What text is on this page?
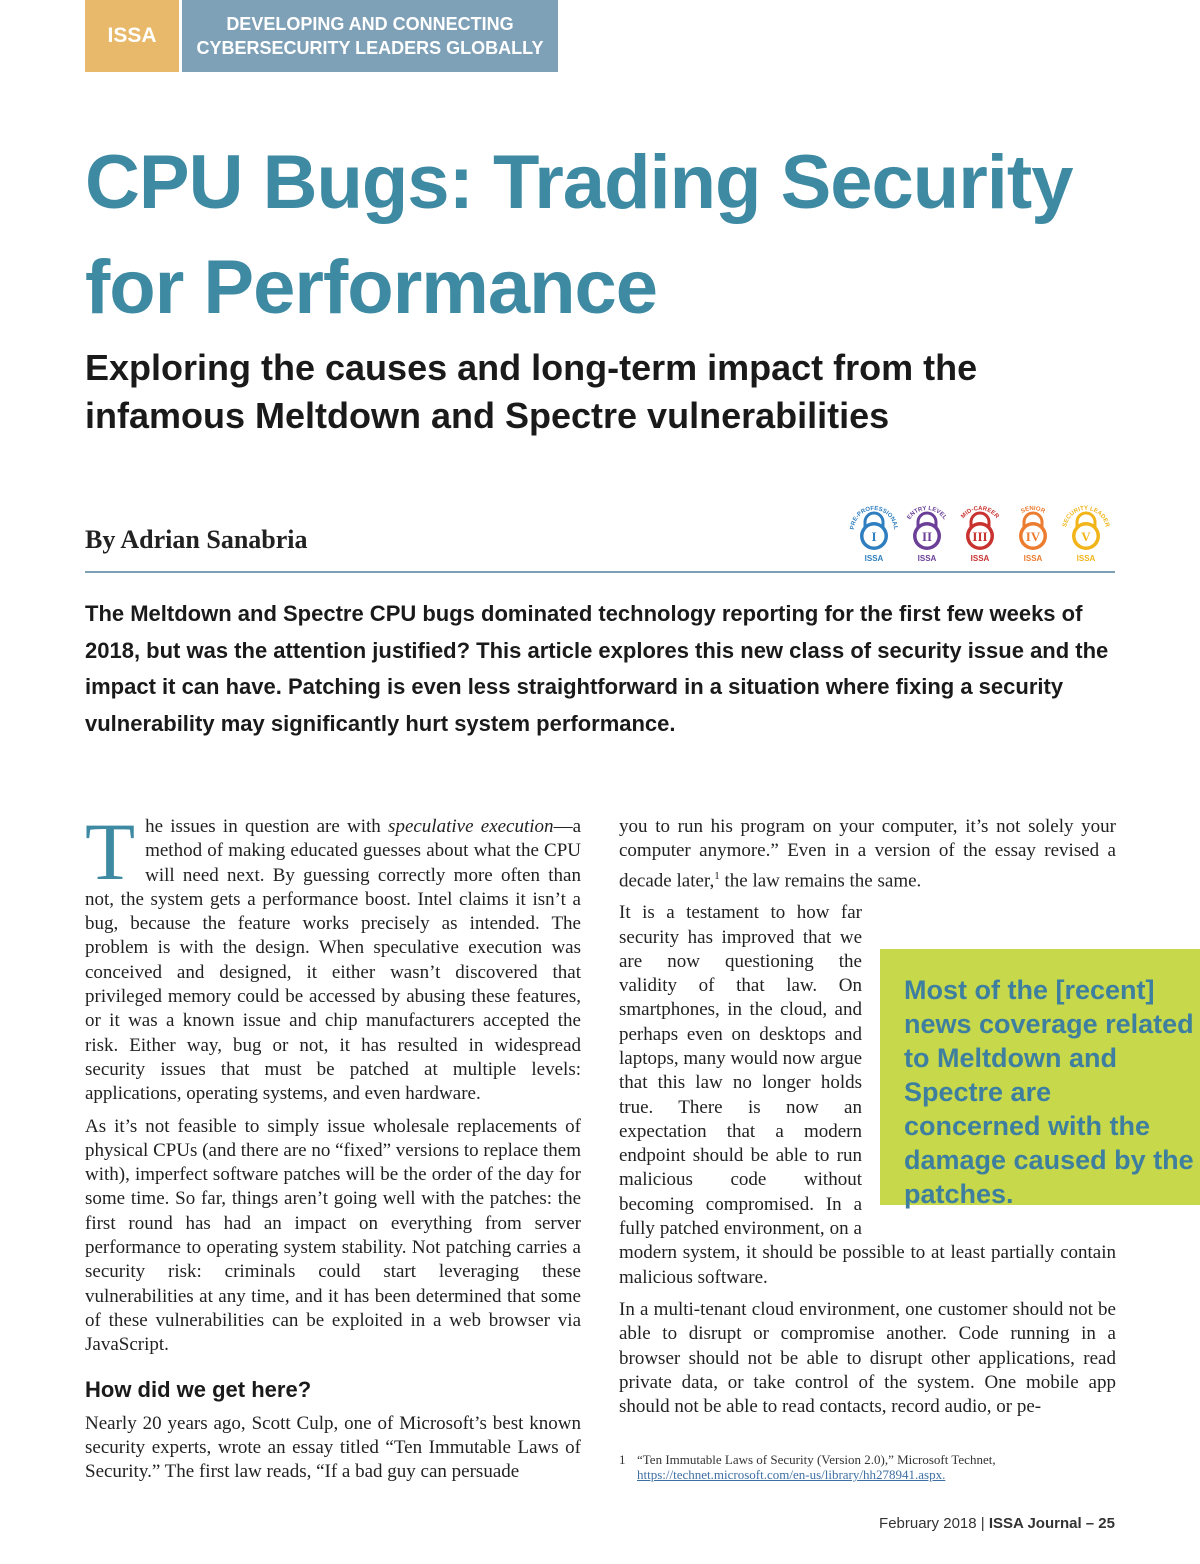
ISSA	DEVELOPING AND CONNECTING
CYBERSECURITY LEADERS GLOBALLY
CPU Bugs: Trading Security
for Performance
Exploring the causes and long-term impact from the
infamous Meltdown and Spectre vulnerabilities
By Adrian Sanabria	PRE-PROFESSIONAL
I
ISSA
ENTRY LEVEL
II
ISSA
MID-CAREER
III
ISSA
SENIOR
IV
ISSA
SECURITY LEADER
V
ISSA

The Meltdown and Spectre CPU bugs dominated technology reporting for the first few weeks of 2018, but was the attention justified? This article explores this new class of security issue and the impact it can have. Patching is even less straightforward in a situation where fixing a security vulnerability may significantly hurt system performance.

The issues in question are with speculative execution—a method of making educated guesses about what the CPU will need next. By guessing correctly more often than not, the system gets a performance boost. Intel claims it isn’t a bug, because the feature works precisely as intended. The problem is with the design. When speculative execution was conceived and designed, it either wasn’t discovered that privileged memory could be accessed by abusing these features, or it was a known issue and chip manufacturers accepted the risk. Either way, bug or not, it has resulted in widespread security issues that must be patched at multiple levels: applications, operating systems, and even hardware.

As it’s not feasible to simply issue wholesale replacements of physical CPUs (and there are no “fixed” versions to replace them with), imperfect software patches will be the order of the day for some time. So far, things aren’t going well with the patches: the first round has had an impact on everything from server performance to operating system stability. Not patching carries a security risk: criminals could start leveraging these vulnerabilities at any time, and it has been determined that some of these vulnerabilities can be exploited in a web browser via JavaScript.

How did we get here?

Nearly 20 years ago, Scott Culp, one of Microsoft’s best known security experts, wrote an essay titled “Ten Immutable Laws of Security.” The first law reads, “If a bad guy can persuade

you to run his program on your computer, it’s not solely your computer anymore.” Even in a version of the essay revised a decade later,$^1$ the law remains the same.

It is a testament to how far security has improved that we are now questioning the validity of that law. On smartphones, in the cloud, and perhaps even on desktops and laptops, many would now argue that this law no longer holds true. There is now an expectation that a modern endpoint should be able to run malicious code without becoming compromised. In a fully patched environment, on a modern system, it should be possible to at least partially contain malicious software.

In a multi-tenant cloud environment, one customer should not be able to disrupt or compromise another. Code running in a browser should not be able to disrupt other applications, read private data, or take control of the system. One mobile app should not be able to read contacts, record audio, or pe-

Most of the [recent] news coverage related to Meltdown and Spectre are concerned with the damage caused by the patches.
1 “Ten Immutable Laws of Security (Version 2.0),” Microsoft Technet, https://technet.microsoft.com/en-us/library/hh278941.aspx.
February 2018 | ISSA Journal – 25
